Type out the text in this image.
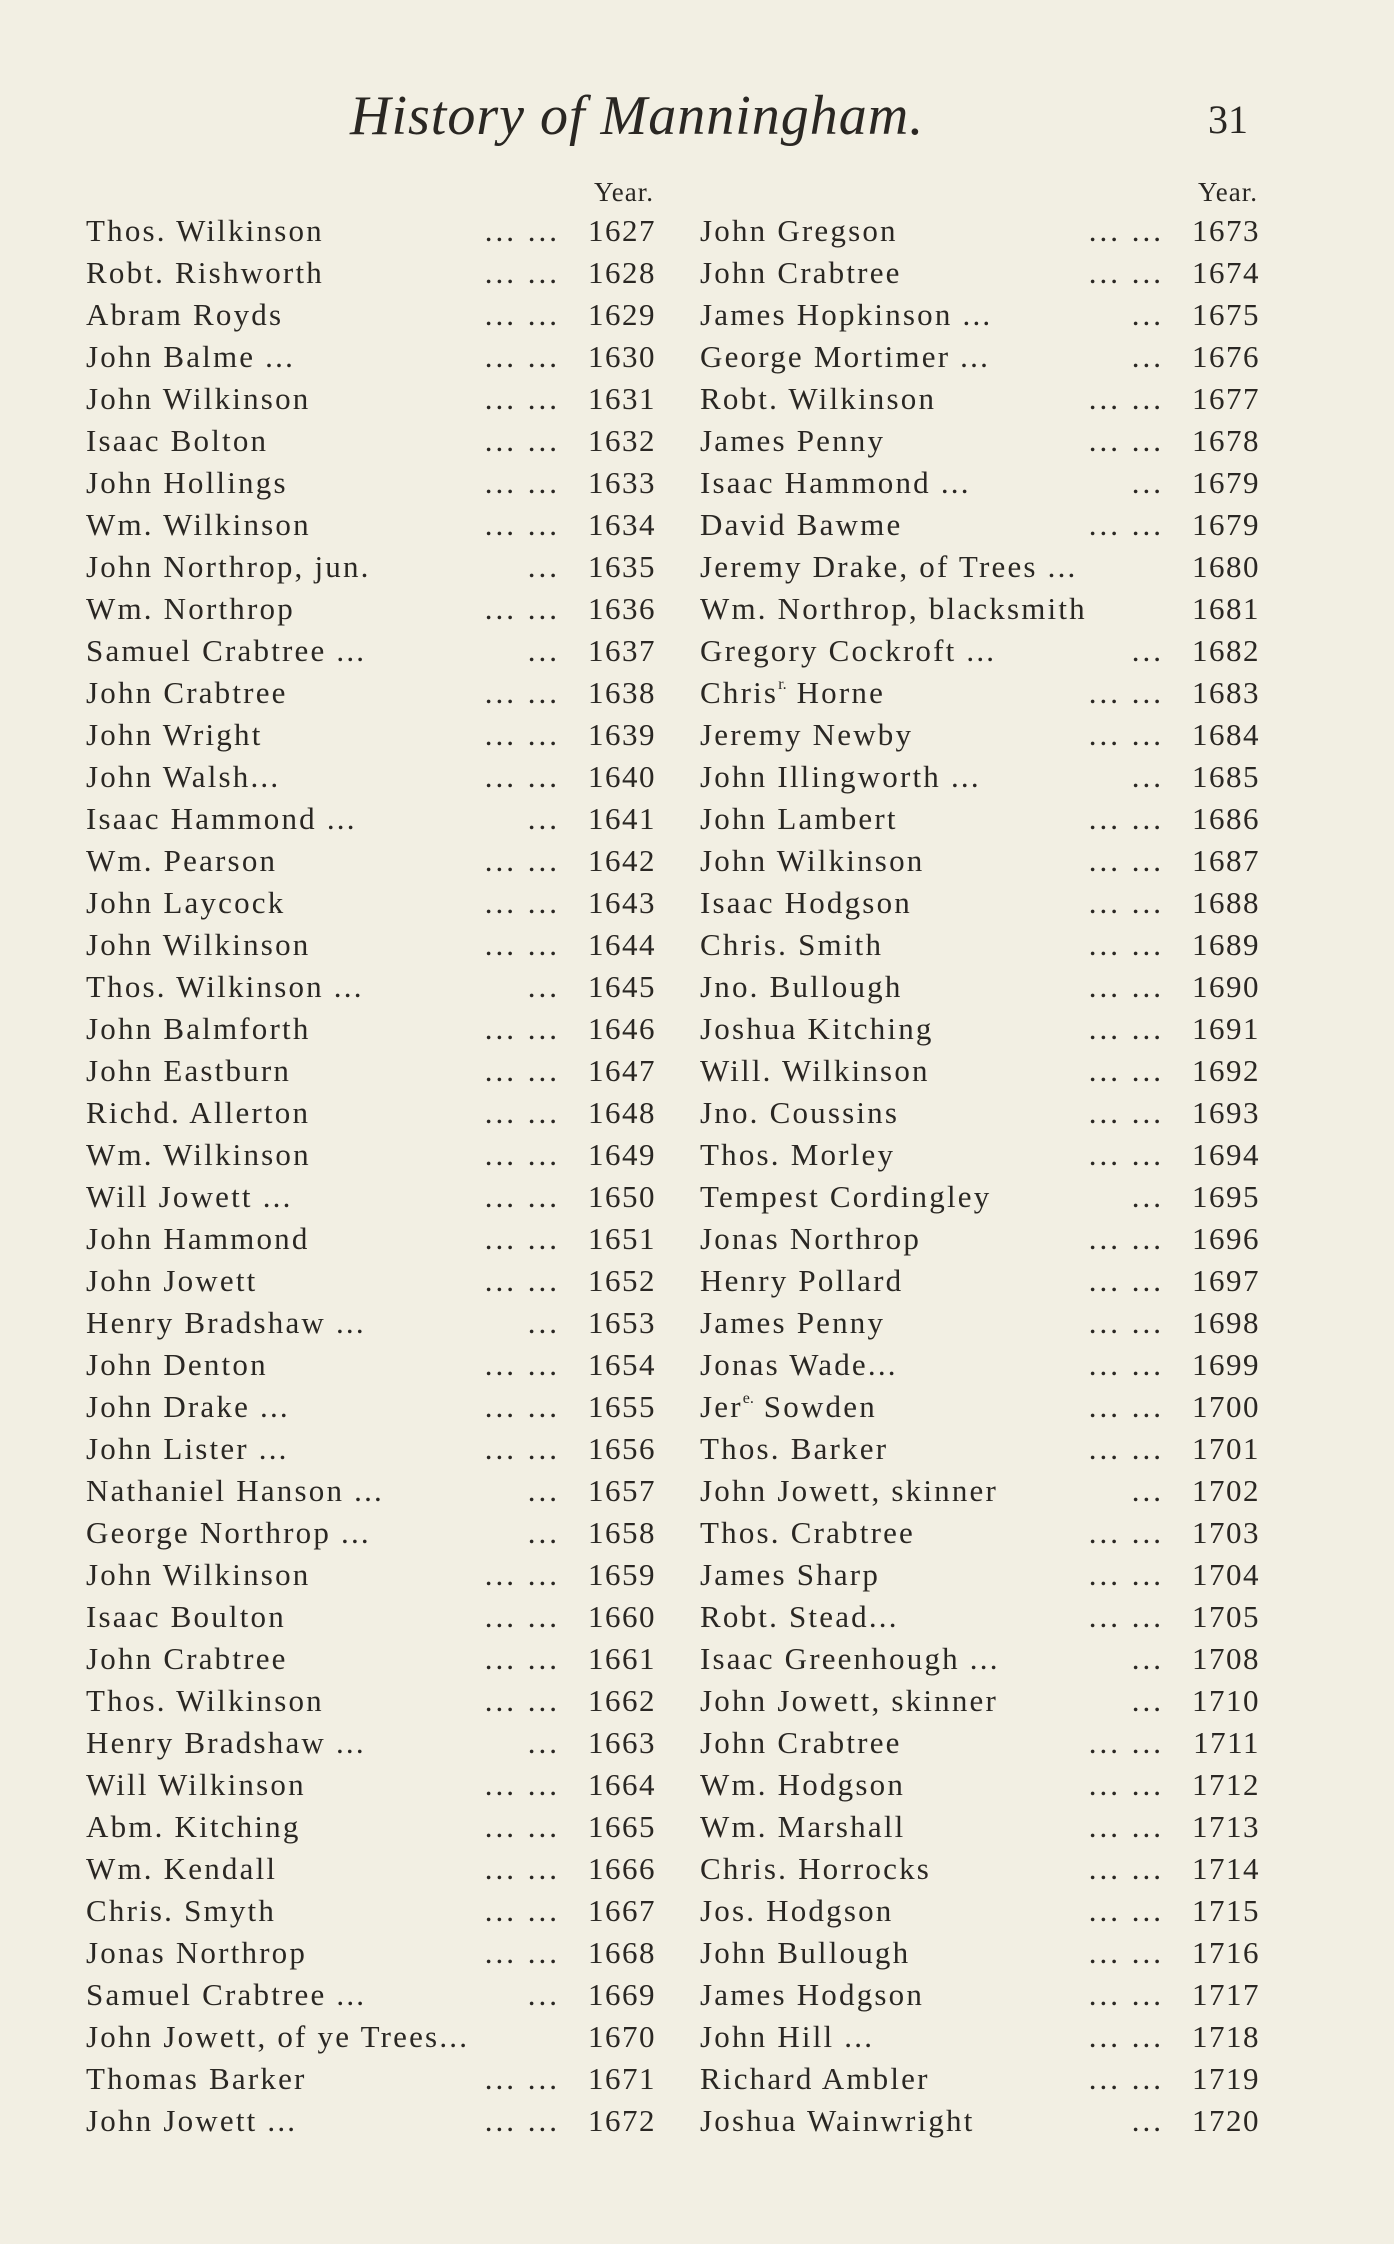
History of Manningham.	31
Year.
Thos. Wilkinson	... ... 1627
Robt. Rishworth	... ... 1628
Abram Royds	... ... 1629
John Balme ...	... ... 1630
John Wilkinson	... ... 1631
Isaac Bolton	... ... 1632
John Hollings	... ... 1633
Wm. Wilkinson	... ... 1634
John Northrop, jun.	... 1635
Wm. Northrop	... ... 1636
Samuel Crabtree ...	... 1637
John Crabtree	... ... 1638
John Wright	... ... 1639
John Walsh...	... ... 1640
Isaac Hammond ...	... 1641
Wm. Pearson	... ... 1642
John Laycock	... ... 1643
John Wilkinson	... ... 1644
Thos. Wilkinson ...	... 1645
John Balmforth	... ... 1646
John Eastburn	... ... 1647
Richd. Allerton	... ... 1648
Wm. Wilkinson	... ... 1649
Will Jowett ...	... ... 1650
John Hammond	... ... 1651
John Jowett	... ... 1652
Henry Bradshaw ...	... 1653
John Denton	... ... 1654
John Drake ...	... ... 1655
John Lister ...	... ... 1656
Nathaniel Hanson ...	... 1657
George Northrop ...	... 1658
John Wilkinson	... ... 1659
Isaac Boulton	... ... 1660
John Crabtree	... ... 1661
Thos. Wilkinson	... ... 1662
Henry Bradshaw ...	... 1663
Will Wilkinson	... ... 1664
Abm. Kitching	... ... 1665
Wm. Kendall	... ... 1666
Chris. Smyth	... ... 1667
Jonas Northrop	... ... 1668
Samuel Crabtree ...	... 1669
John Jowett, of ye Trees...	1670
Thomas Barker	... ... 1671
John Jowett ...	... ... 1672
Year.
John Gregson	... ... 1673
John Crabtree	... ... 1674
James Hopkinson ...	... 1675
George Mortimer ...	... 1676
Robt. Wilkinson	... ... 1677
James Penny	... ... 1678
Isaac Hammond ...	... 1679
David Bawme	... ... 1679
Jeremy Drake, of Trees ...	1680
Wm. Northrop, blacksmith	1681
Gregory Cockroft ...	... 1682
Chris$^{r.}$ Horne	... ... 1683
Jeremy Newby	... ... 1684
John Illingworth ...	... 1685
John Lambert	... ... 1686
John Wilkinson	... ... 1687
Isaac Hodgson	... ... 1688
Chris. Smith	... ... 1689
Jno. Bullough	... ... 1690
Joshua Kitching	... ... 1691
Will. Wilkinson	... ... 1692
Jno. Coussins	... ... 1693
Thos. Morley	... ... 1694
Tempest Cordingley	... 1695
Jonas Northrop	... ... 1696
Henry Pollard	... ... 1697
James Penny	... ... 1698
Jonas Wade...	... ... 1699
Jer$^{e.}$ Sowden	... ... 1700
Thos. Barker	... ... 1701
John Jowett, skinner	... 1702
Thos. Crabtree	... ... 1703
James Sharp	... ... 1704
Robt. Stead...	... ... 1705
Isaac Greenhough ...	... 1708
John Jowett, skinner	... 1710
John Crabtree	... ... 1711
Wm. Hodgson	... ... 1712
Wm. Marshall	... ... 1713
Chris. Horrocks	... ... 1714
Jos. Hodgson	... ... 1715
John Bullough	... ... 1716
James Hodgson	... ... 1717
John Hill ...	... ... 1718
Richard Ambler	... ... 1719
Joshua Wainwright	... 1720
